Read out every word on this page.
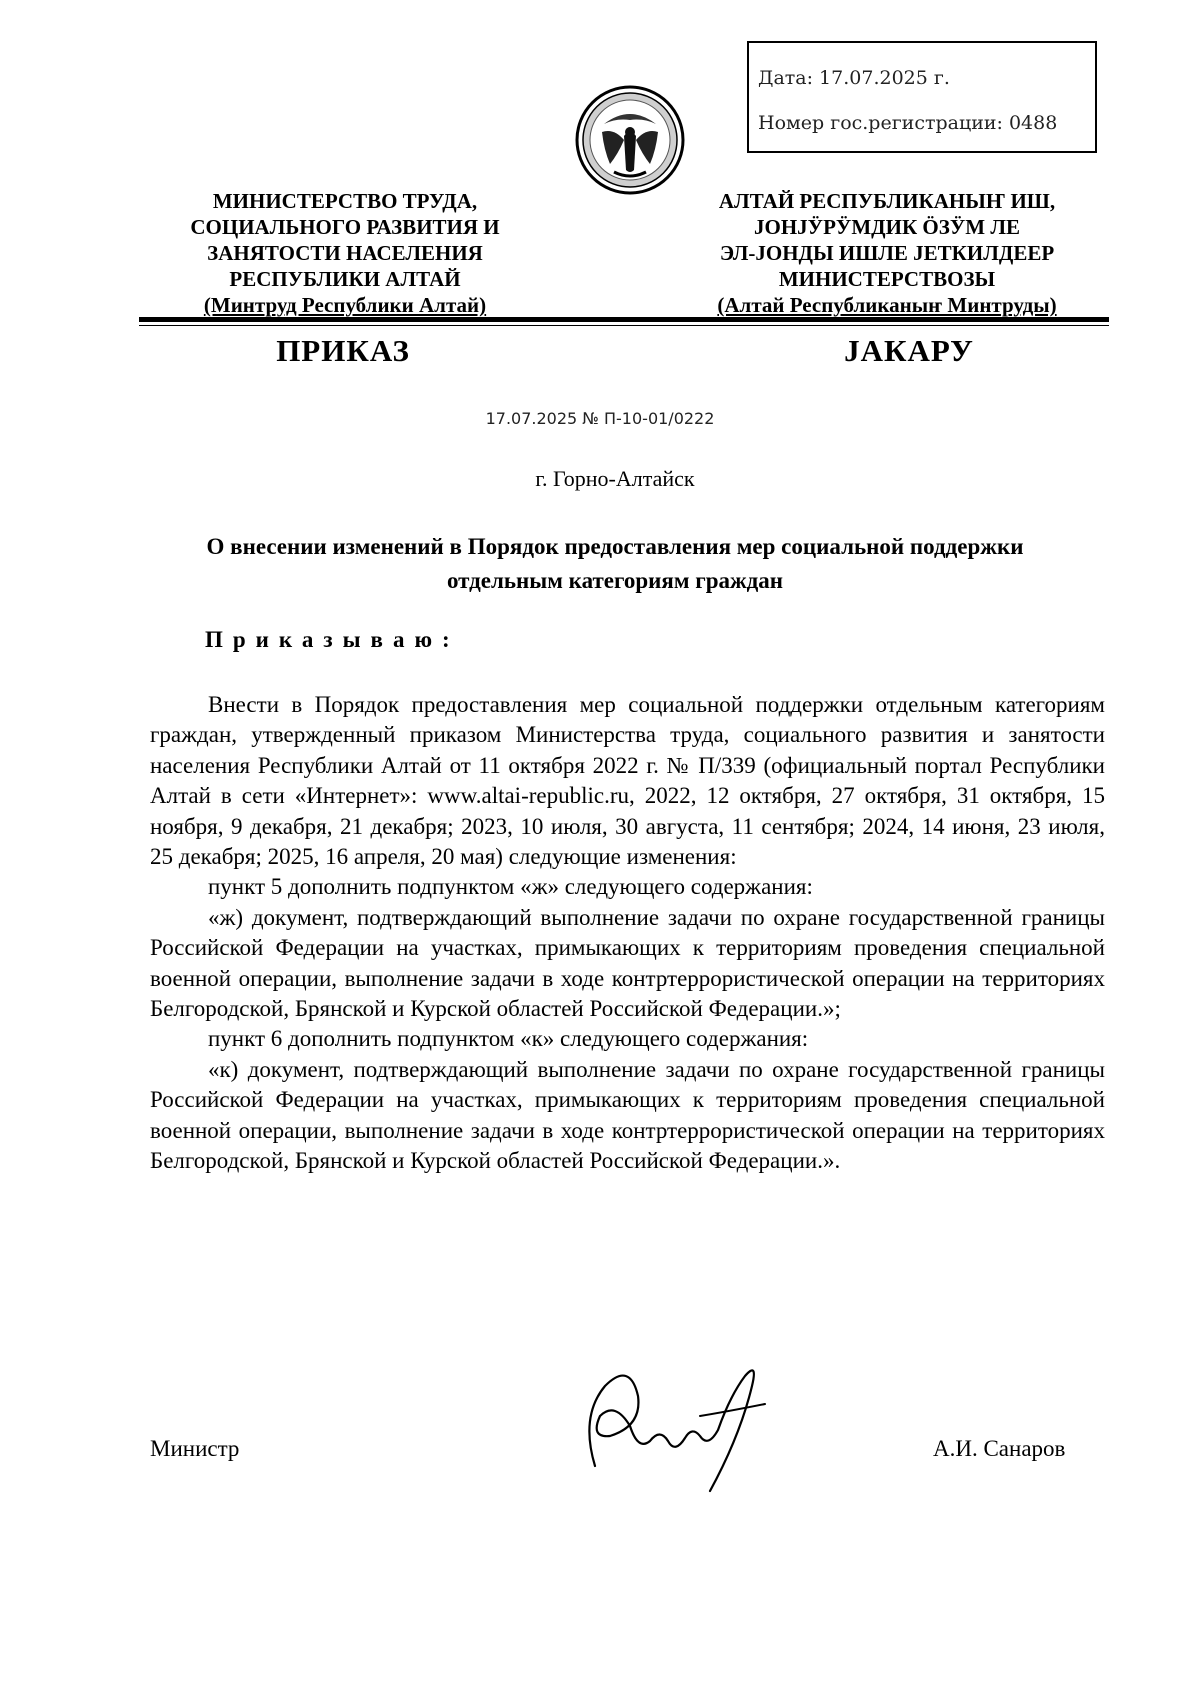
Дата: 17.07.2025 г.
Номер гос.регистрации: 0488
МИНИСТЕРСТВО ТРУДА,
СОЦИАЛЬНОГО РАЗВИТИЯ И
ЗАНЯТОСТИ НАСЕЛЕНИЯ
РЕСПУБЛИКИ АЛТАЙ
(Минтруд Республики Алтай)
АЛТАЙ РЕСПУБЛИКАНЫҤ ИШ,
ЈОНЈӰРӰМДИК ӦЗӰМ ЛЕ
ЭЛ-ЈОНДЫ ИШЛЕ ЈЕТКИЛДЕЕР
МИНИСТЕРСТВОЗЫ
(Алтай Республиканыҥ Минтруды)
ПРИКАЗ	ЈАКАРУ
17.07.2025 № П-10-01/0222
г. Горно-Алтайск
О внесении изменений в Порядок предоставления мер социальной поддержки отдельным категориям граждан
Приказываю:

Внести в Порядок предоставления мер социальной поддержки отдельным категориям граждан, утвержденный приказом Министерства труда, социального развития и занятости населения Республики Алтай от 11 октября 2022 г. № П/339 (официальный портал Республики Алтай в сети «Интернет»: www.altai-republic.ru, 2022, 12 октября, 27 октября, 31 октября, 15 ноября, 9 декабря, 21 декабря; 2023, 10 июля, 30 августа, 11 сентября; 2024, 14 июня, 23 июля, 25 декабря; 2025, 16 апреля, 20 мая) следующие изменения:

пункт 5 дополнить подпунктом «ж» следующего содержания:

«ж) документ, подтверждающий выполнение задачи по охране государственной границы Российской Федерации на участках, примыкающих к территориям проведения специальной военной операции, выполнение задачи в ходе контртеррористической операции на территориях Белгородской, Брянской и Курской областей Российской Федерации.»;

пункт 6 дополнить подпунктом «к» следующего содержания:

«к) документ, подтверждающий выполнение задачи по охране государственной границы Российской Федерации на участках, примыкающих к территориям проведения специальной военной операции, выполнение задачи в ходе контртеррористической операции на территориях Белгородской, Брянской и Курской областей Российской Федерации.».

Министр	А.И. Санаров
